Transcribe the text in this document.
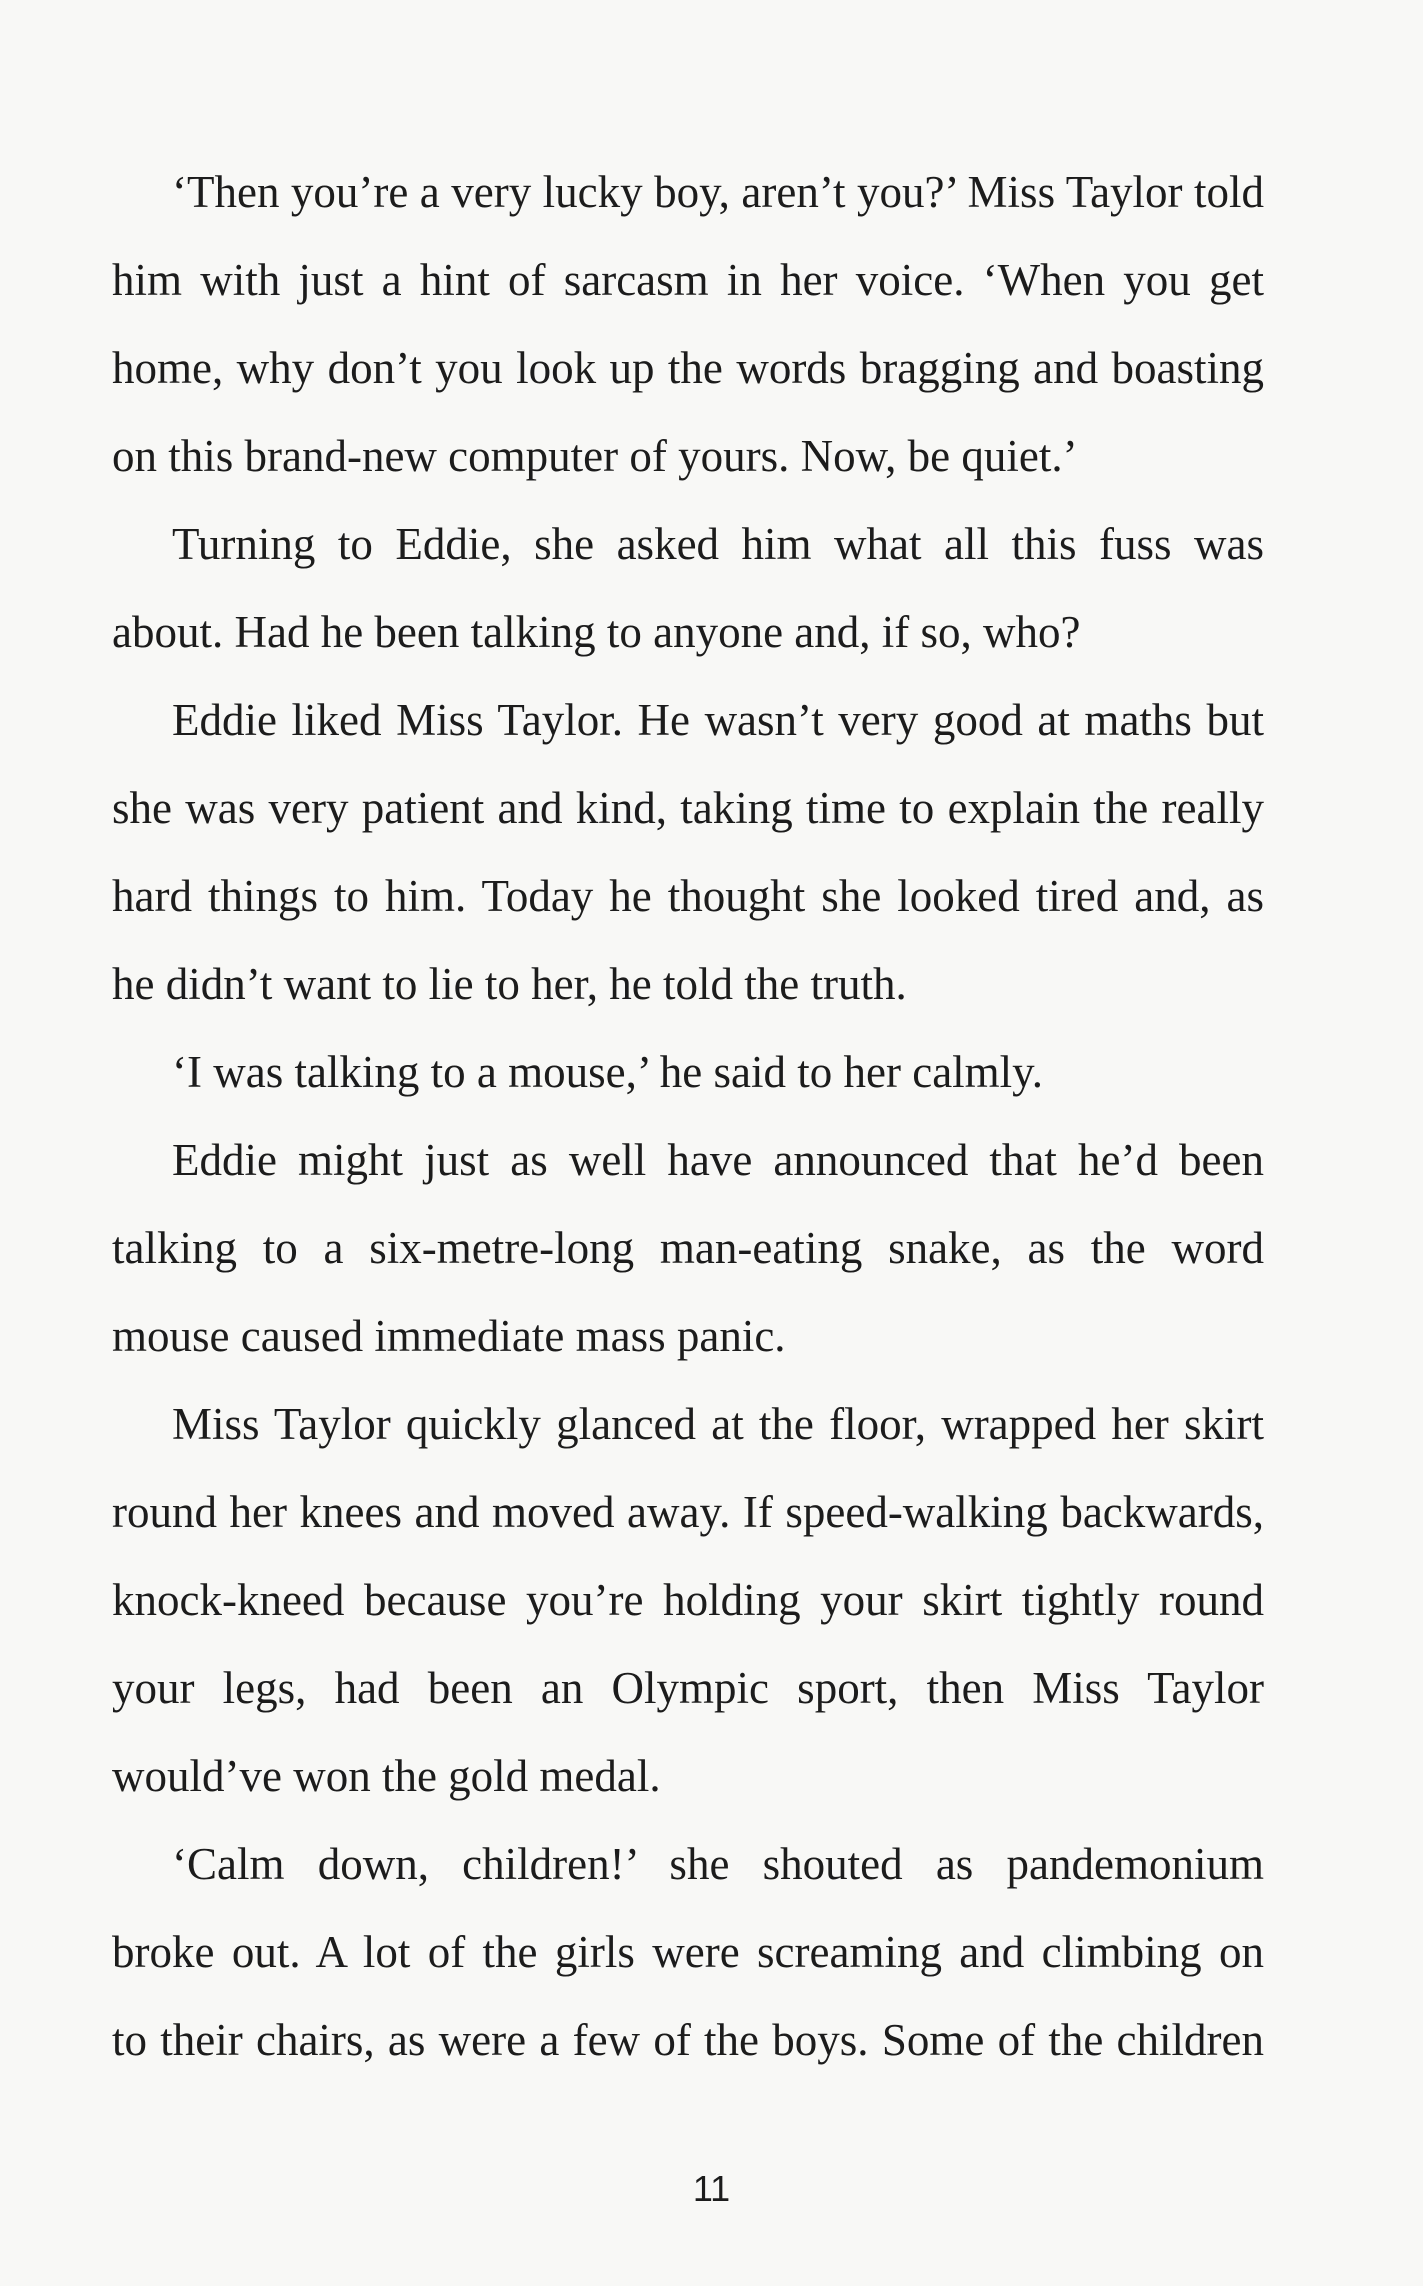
‘Then you’re a very lucky boy, aren’t you?’ Miss Taylor told

him with just a hint of sarcasm in her voice. ‘When you get

home, why don’t you look up the words bragging and boasting

on this brand-new computer of yours. Now, be quiet.’

Turning to Eddie, she asked him what all this fuss was

about. Had he been talking to anyone and, if so, who?

Eddie liked Miss Taylor. He wasn’t very good at maths but

she was very patient and kind, taking time to explain the really

hard things to him. Today he thought she looked tired and, as

he didn’t want to lie to her, he told the truth.

‘I was talking to a mouse,’ he said to her calmly.

Eddie might just as well have announced that he’d been

talking to a six-metre-long man-eating snake, as the word

mouse caused immediate mass panic.

Miss Taylor quickly glanced at the floor, wrapped her skirt

round her knees and moved away. If speed-walking backwards,

knock-kneed because you’re holding your skirt tightly round

your legs, had been an Olympic sport, then Miss Taylor

would’ve won the gold medal.

‘Calm down, children!’ she shouted as pandemonium

broke out. A lot of the girls were screaming and climbing on

to their chairs, as were a few of the boys. Some of the children

11
